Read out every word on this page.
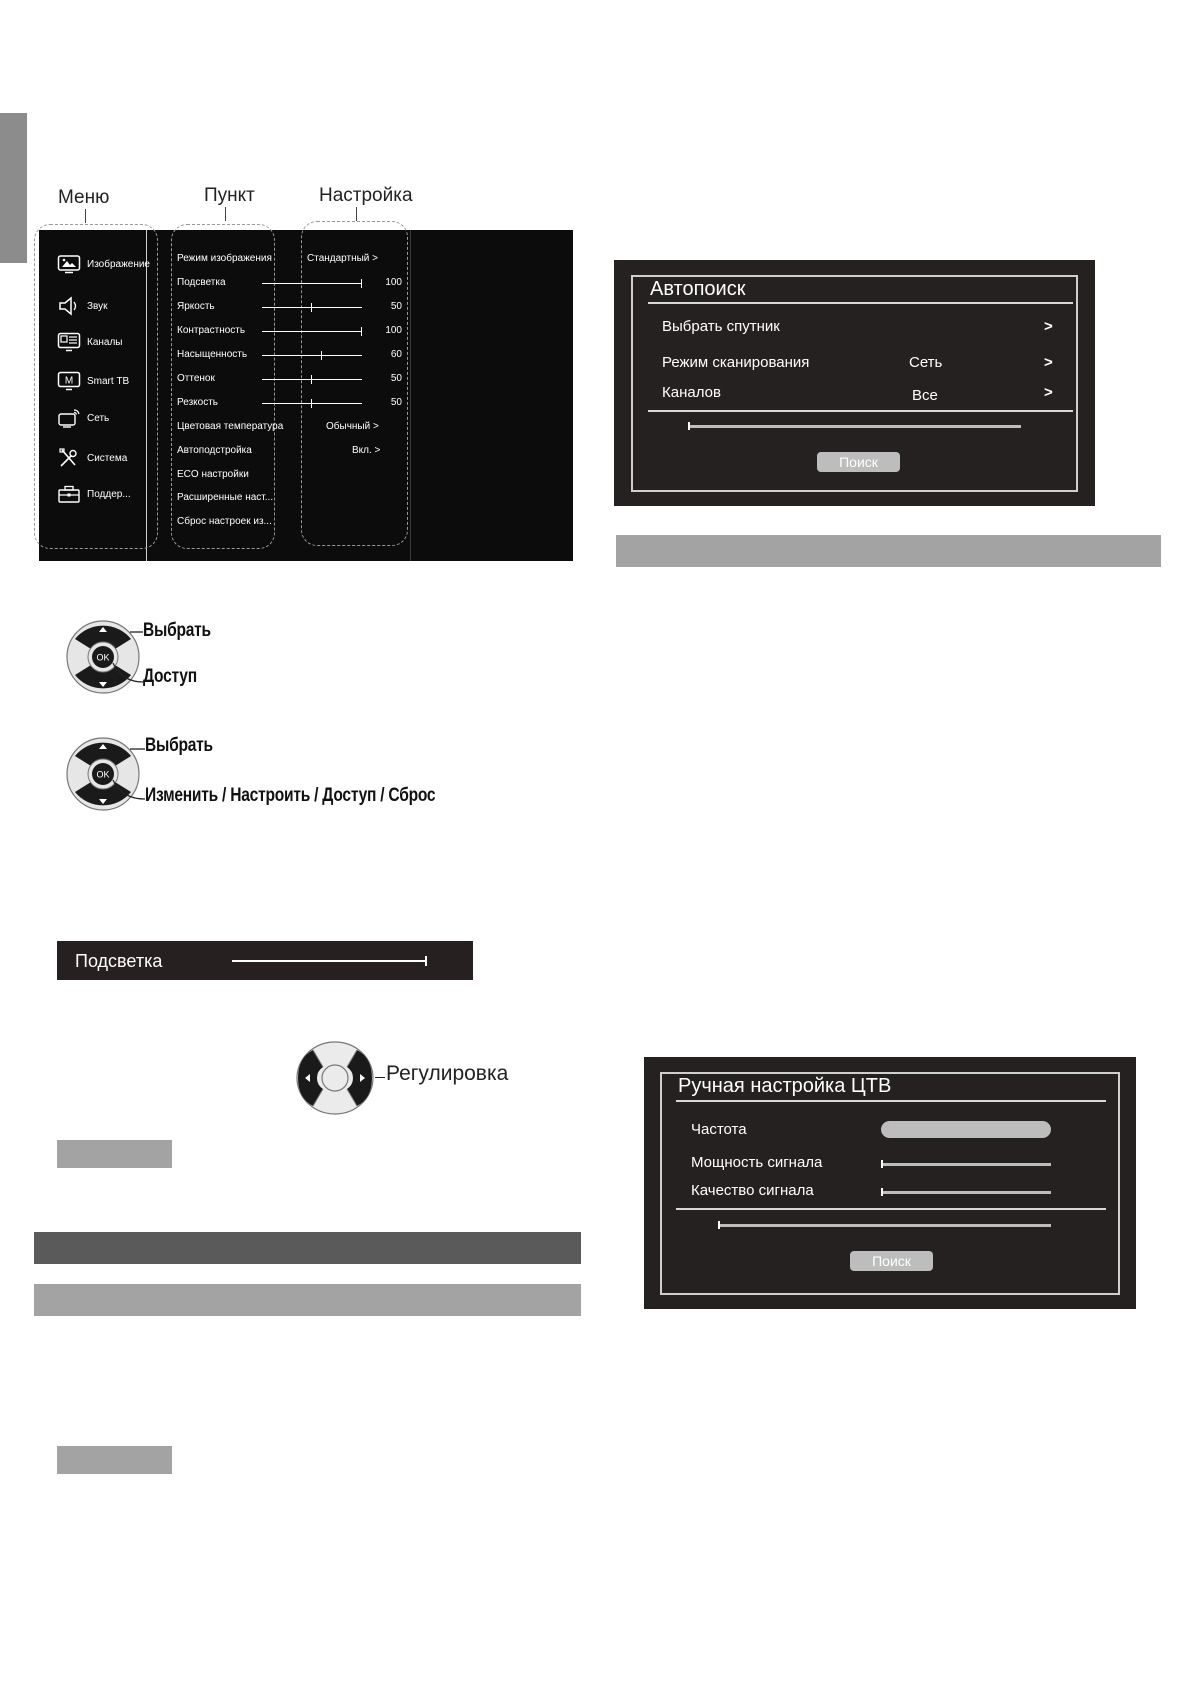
Меню	Пункт	Настройка
Изображение
Звук
Каналы
M Smart ТВ
Сеть
Система
Поддер...
Режим изображения	Стандартный >
Подсветка	100
Яркость	50
Контрастность	100
Насыщенность	60
Оттенок	50
Резкость	50
Цветовая температура	Обычный >
Автоподстройка	Вкл. >
ECO настройки
Расширенные наст...
Сброс настроек из...
OK
Выбрать
Доступ
OK
Выбрать
Изменить / Настроить / Доступ / Сброс
Подсветка
Регулировка
Автопоиск
Выбрать спутник	>
Режим сканирования	Сеть	>
Каналов	Все	>
Поиск
Ручная настройка ЦТВ
Частота
Мощность сигнала
Качество сигнала
Поиск
